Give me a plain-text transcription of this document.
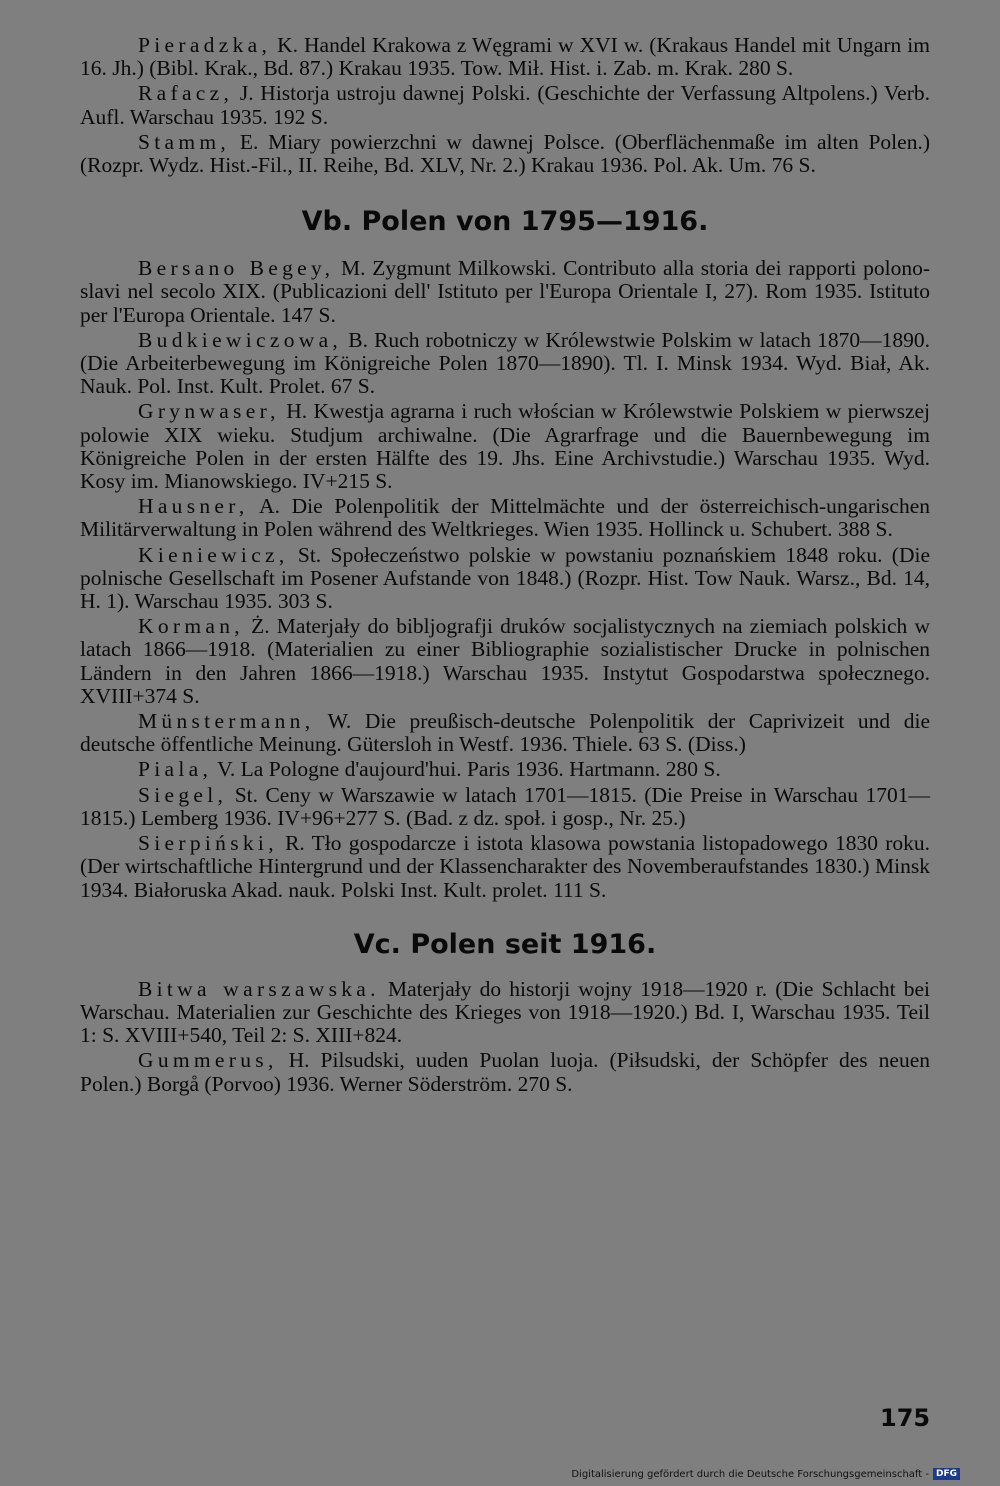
Pieradzka, K. Handel Krakowa z Węgrami w XVI w. (Krakaus Handel mit Ungarn im 16. Jh.) (Bibl. Krak., Bd. 87.) Krakau 1935. Tow. Mił. Hist. i. Zab. m. Krak. 280 S.

Rafacz, J. Historja ustroju dawnej Polski. (Geschichte der Verfassung Altpolens.) Verb. Aufl. Warschau 1935. 192 S.

Stamm, E. Miary powierzchni w dawnej Polsce. (Oberflächenmaße im alten Polen.) (Rozpr. Wydz. Hist.-Fil., II. Reihe, Bd. XLV, Nr. 2.) Krakau 1936. Pol. Ak. Um. 76 S.

Vb. Polen von 1795—1916.

Bersano Begey, M. Zygmunt Milkowski. Contributo alla storia dei rapporti polono-slavi nel secolo XIX. (Publicazioni dell' Istituto per l'Europa Orientale I, 27). Rom 1935. Istituto per l'Europa Orientale. 147 S.

Budkiewiczowa, B. Ruch robotniczy w Królewstwie Polskim w latach 1870—1890. (Die Arbeiterbewegung im Königreiche Polen 1870—1890). Tl. I. Minsk 1934. Wyd. Biał, Ak. Nauk. Pol. Inst. Kult. Prolet. 67 S.

Grynwaser, H. Kwestja agrarna i ruch włościan w Królewstwie Polskiem w pierwszej polowie XIX wieku. Studjum archiwalne. (Die Agrarfrage und die Bauernbewegung im Königreiche Polen in der ersten Hälfte des 19. Jhs. Eine Archivstudie.) Warschau 1935. Wyd. Kosy im. Mianowskiego. IV+215 S.

Hausner, A. Die Polenpolitik der Mittelmächte und der österreichisch-ungarischen Militärverwaltung in Polen während des Weltkrieges. Wien 1935. Hollinck u. Schubert. 388 S.

Kieniewicz, St. Społeczeństwo polskie w powstaniu poznańskiem 1848 roku. (Die polnische Gesellschaft im Posener Aufstande von 1848.) (Rozpr. Hist. Tow Nauk. Warsz., Bd. 14, H. 1). Warschau 1935. 303 S.

Korman, Ż. Materjały do bibljografji druków socjalistycznych na ziemiach polskich w latach 1866—1918. (Materialien zu einer Bibliographie sozialistischer Drucke in polnischen Ländern in den Jahren 1866—1918.) Warschau 1935. Instytut Gospodarstwa społecznego. XVIII+374 S.

Münstermann, W. Die preußisch-deutsche Polenpolitik der Caprivizeit und die deutsche öffentliche Meinung. Gütersloh in Westf. 1936. Thiele. 63 S. (Diss.)

Piala, V. La Pologne d'aujourd'hui. Paris 1936. Hartmann. 280 S.

Siegel, St. Ceny w Warszawie w latach 1701—1815. (Die Preise in Warschau 1701—1815.) Lemberg 1936. IV+96+277 S. (Bad. z dz. społ. i gosp., Nr. 25.)

Sierpiński, R. Tło gospodarcze i istota klasowa powstania listopadowego 1830 roku. (Der wirtschaftliche Hintergrund und der Klassencharakter des Novemberaufstandes 1830.) Minsk 1934. Białoruska Akad. nauk. Polski Inst. Kult. prolet. 111 S.

Vc. Polen seit 1916.

Bitwa warszawska. Materjały do historji wojny 1918—1920 r. (Die Schlacht bei Warschau. Materialien zur Geschichte des Krieges von 1918—1920.) Bd. I, Warschau 1935. Teil 1: S. XVIII+540, Teil 2: S. XIII+824.

Gummerus, H. Pilsudski, uuden Puolan luoja. (Piłsudski, der Schöpfer des neuen Polen.) Borgå (Porvoo) 1936. Werner Söderström. 270 S.

175
Digitalisierung gefördert durch die Deutsche Forschungsgemeinschaft - DFG
